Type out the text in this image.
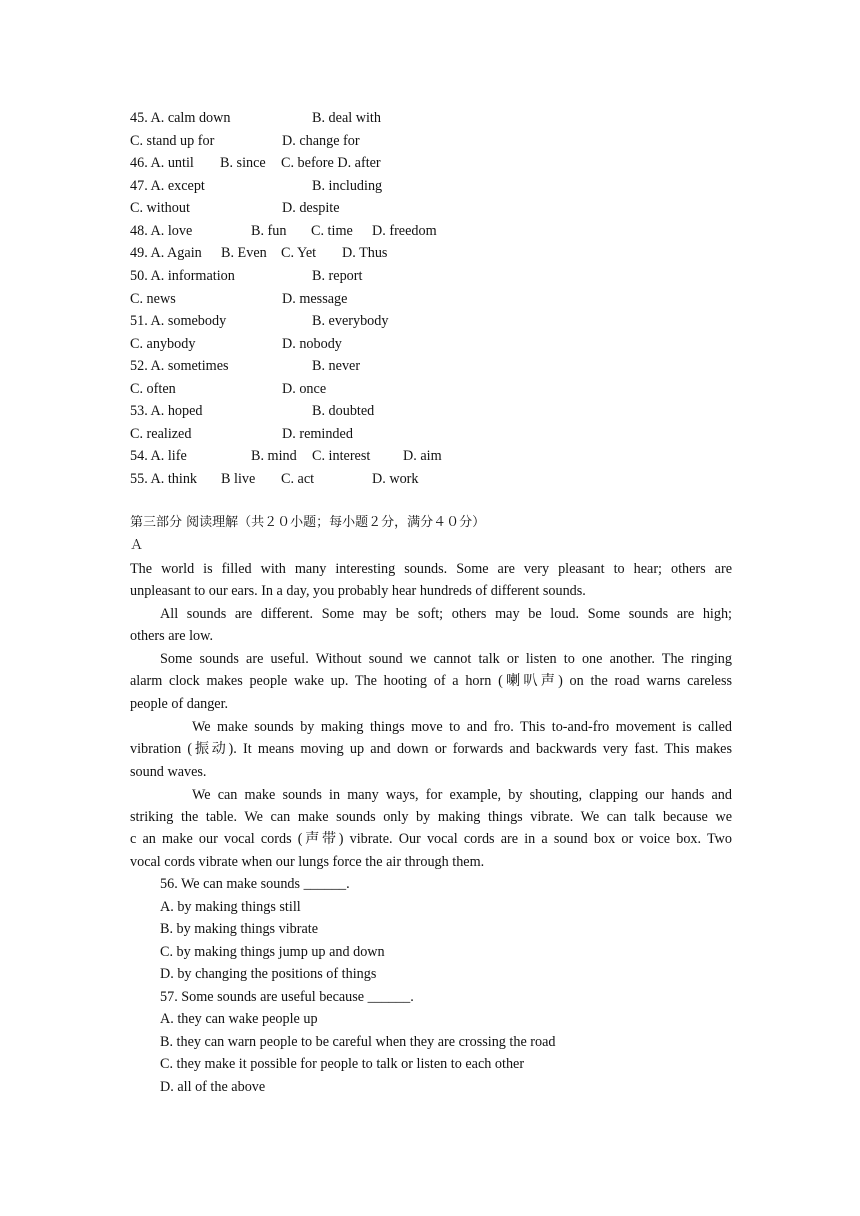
45. A. calm down	B. deal with
C. stand up for	D. change for
46. A. until B. since C. before D. after
47. A. except	B. including
C. without	D. despite
48. A. love	B. fun C. time D. freedom
49. A. Again B. Even C. Yet D. Thus
50. A. information	B. report
C. news	D. message
51. A. somebody	B. everybody
C. anybody	D. nobody
52. A. sometimes	B. never
C. often	D. once
53. A. hoped	B. doubted
C. realized	D. reminded
54. A. life	B. mind C. interest D. aim
55. A. think B live C. act	D. work
第三部分 阅读理解（共２０小题；每小题２分，满分４０分）
Ａ
The world is filled with many interesting sounds. Some are very pleasant to hear; others are
unpleasant to our ears. In a day, you probably hear hundreds of different sounds.
All sounds are different. Some may be soft; others may be loud. Some sounds are high;
others are low.
Some sounds are useful. Without sound we cannot talk or listen to one another. The ringing
alarm clock makes people wake up. The hooting of a horn (喇叭声) on the road warns careless
people of danger.
We make sounds by making things move to and fro. This to-and-fro movement is called
vibration (振动). It means moving up and down or forwards and backwards very fast. This makes
sound waves.
We can make sounds in many ways, for example, by shouting, clapping our hands and
striking the table. We can make sounds only by making things vibrate. We can talk because we
c an make our vocal cords (声带) vibrate. Our vocal cords are in a sound box or voice box. Two
vocal cords vibrate when our lungs force the air through them.
56. We can make sounds ______.
A. by making things still
B. by making things vibrate
C. by making things jump up and down
D. by changing the positions of things
57. Some sounds are useful because ______.
A. they can wake people up
B. they can warn people to be careful when they are crossing the road
C. they make it possible for people to talk or listen to each other
D. all of the above
